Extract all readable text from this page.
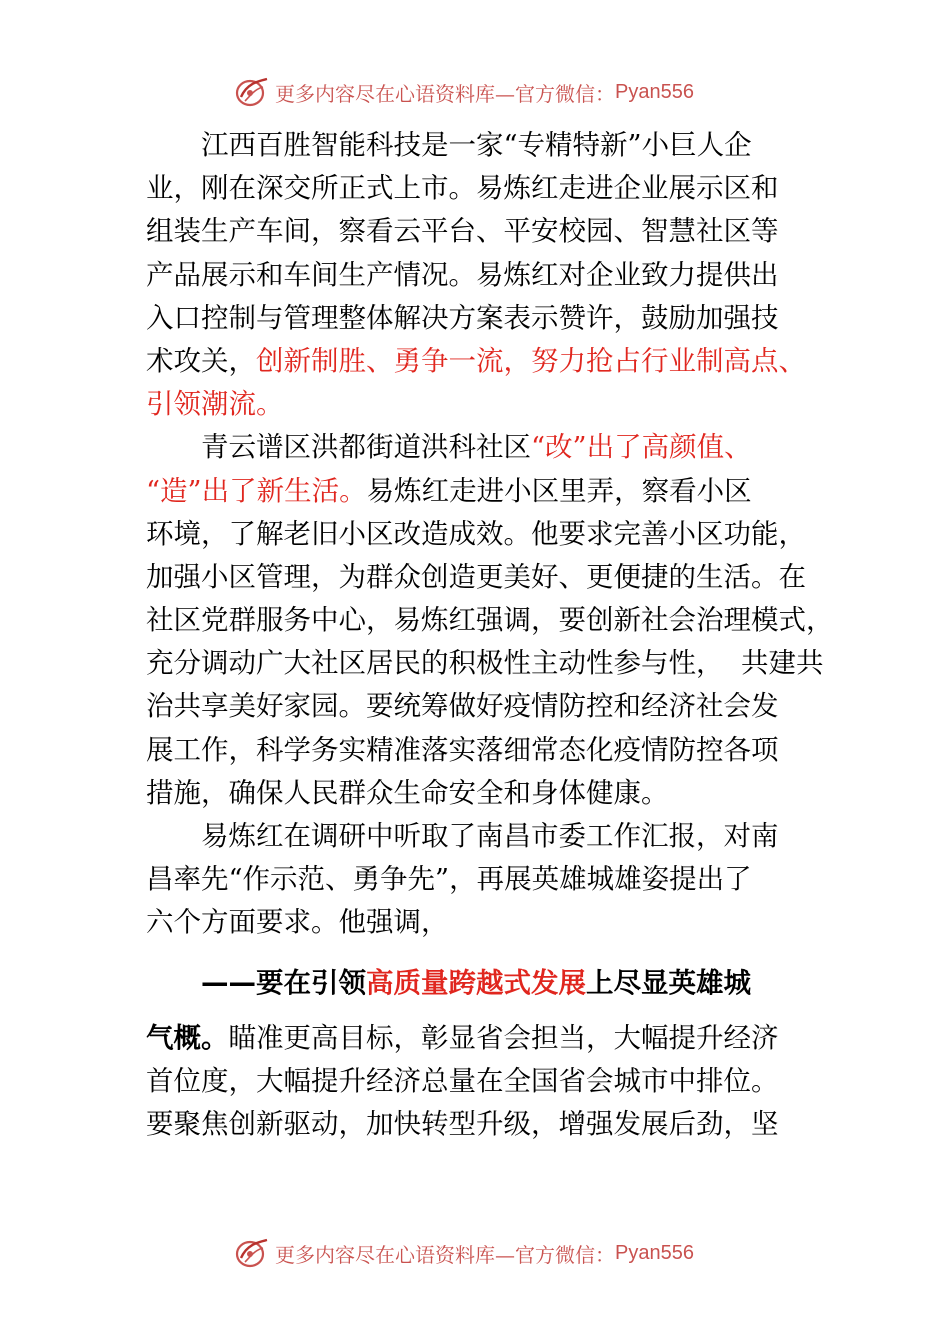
更多内容尽在心语资料库—官方微信： Pyan556
　　江西百胜智能科技是一家“专精特新”小巨人企
业，刚在深交所正式上市。易炼红走进企业展示区和
组装生产车间，察看云平台、平安校园、智慧社区等
产品展示和车间生产情况。易炼红对企业致力提供出
入口控制与管理整体解决方案表示赞许，鼓励加强技
术攻关，创新制胜、勇争一流，努力抢占行业制高点、
引领潮流。
　　青云谱区洪都街道洪科社区“改”出了高颜值、
“造”出了新生活。易炼红走进小区里弄，察看小区
环境，了解老旧小区改造成效。他要求完善小区功能，
加强小区管理，为群众创造更美好、更便捷的生活。在
社区党群服务中心，易炼红强调，要创新社会治理模式，
充分调动广大社区居民的积极性主动性参与性，  共建共
治共享美好家园。要统筹做好疫情防控和经济社会发
展工作，科学务实精准落实落细常态化疫情防控各项
措施，确保人民群众生命安全和身体健康。
　　易炼红在调研中听取了南昌市委工作汇报，对南
昌率先“作示范、勇争先”，再展英雄城雄姿提出了
六个方面要求。他强调，
　　——要在引领高质量跨越式发展上尽显英雄城
气概。瞄准更高目标，彰显省会担当，大幅提升经济
首位度，大幅提升经济总量在全国省会城市中排位。
要聚焦创新驱动，加快转型升级，增强发展后劲，坚
更多内容尽在心语资料库—官方微信： Pyan556
